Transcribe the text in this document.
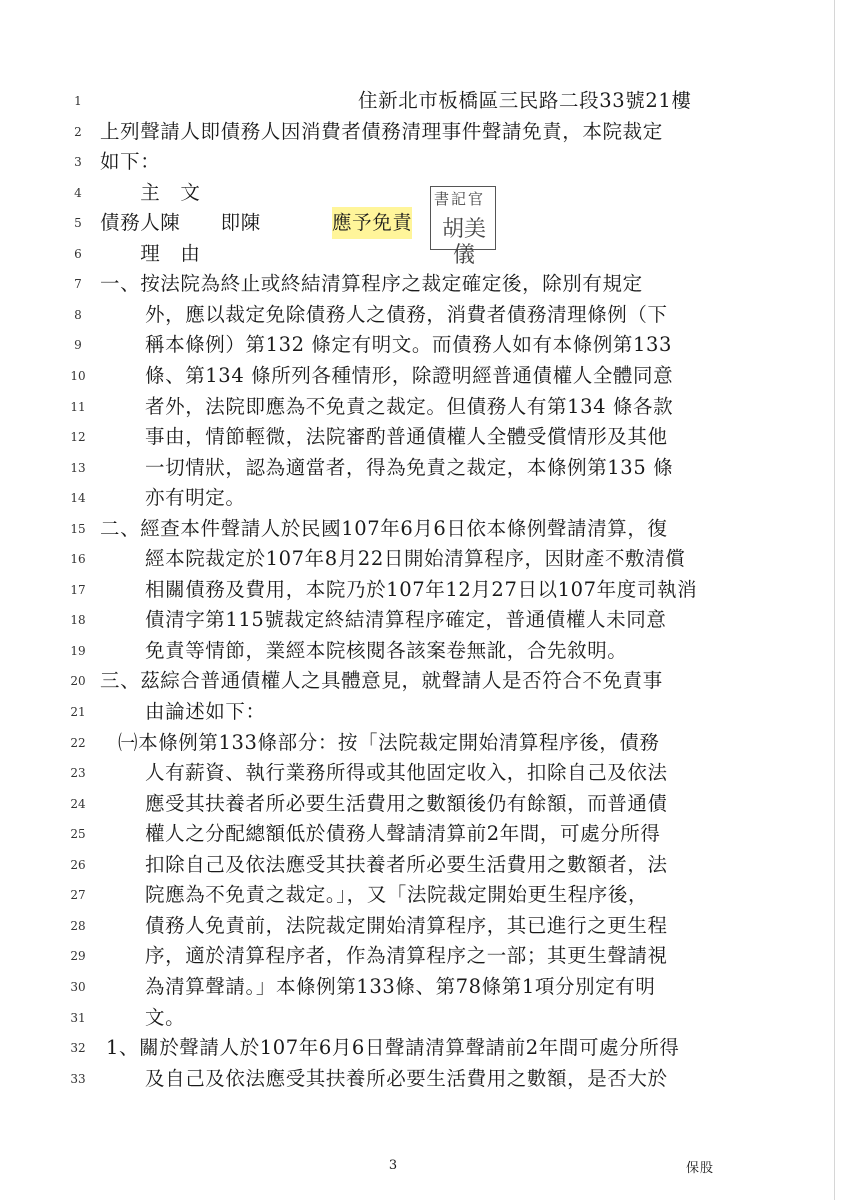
1	住新北市板橋區三民路二段33號21樓
2 上列聲請人即債務人因消費者債務清理事件聲請免責，本院裁定
3 如下：
4 　　主　文
5 債務人陳　　即陳　　 應予免責
6 　　理　由
7 一、按法院為終止或終結清算程序之裁定確定後，除別有規定
8	外，應以裁定免除債務人之債務，消費者債務清理條例（下
9	稱本條例）第132 條定有明文。而債務人如有本條例第133
10	條、第134 條所列各種情形，除證明經普通債權人全體同意
11	者外，法院即應為不免責之裁定。但債務人有第134 條各款
12	事由，情節輕微，法院審酌普通債權人全體受償情形及其他
13	一切情狀，認為適當者，得為免責之裁定，本條例第135 條
14	亦有明定。
15 二、經查本件聲請人於民國107年6月6日依本條例聲請清算，復
16	經本院裁定於107年8月22日開始清算程序，因財產不敷清償
17	相關債務及費用，本院乃於107年12月27日以107年度司執消
18	債清字第115號裁定終結清算程序確定，普通債權人未同意
19	免責等情節，業經本院核閱各該案卷無訛，合先敘明。
20 三、茲綜合普通債權人之具體意見，就聲請人是否符合不免責事
21	由論述如下：
22	㈠本條例第133條部分：按「法院裁定開始清算程序後，債務
23	人有薪資、執行業務所得或其他固定收入，扣除自己及依法
24	應受其扶養者所必要生活費用之數額後仍有餘額，而普通債
25	權人之分配總額低於債務人聲請清算前2年間，可處分所得
26	扣除自己及依法應受其扶養者所必要生活費用之數額者，法
27	院應為不免責之裁定。」，又「法院裁定開始更生程序後，
28	債務人免責前，法院裁定開始清算程序，其已進行之更生程
29	序，適於清算程序者，作為清算程序之一部；其更生聲請視
30	為清算聲請。」本條例第133條、第78條第1項分別定有明
31	文。
32	1、關於聲請人於107年6月6日聲請清算聲請前2年間可處分所得
33	及自己及依法應受其扶養所必要生活費用之數額，是否大於
書記官
胡美儀
3	保股
